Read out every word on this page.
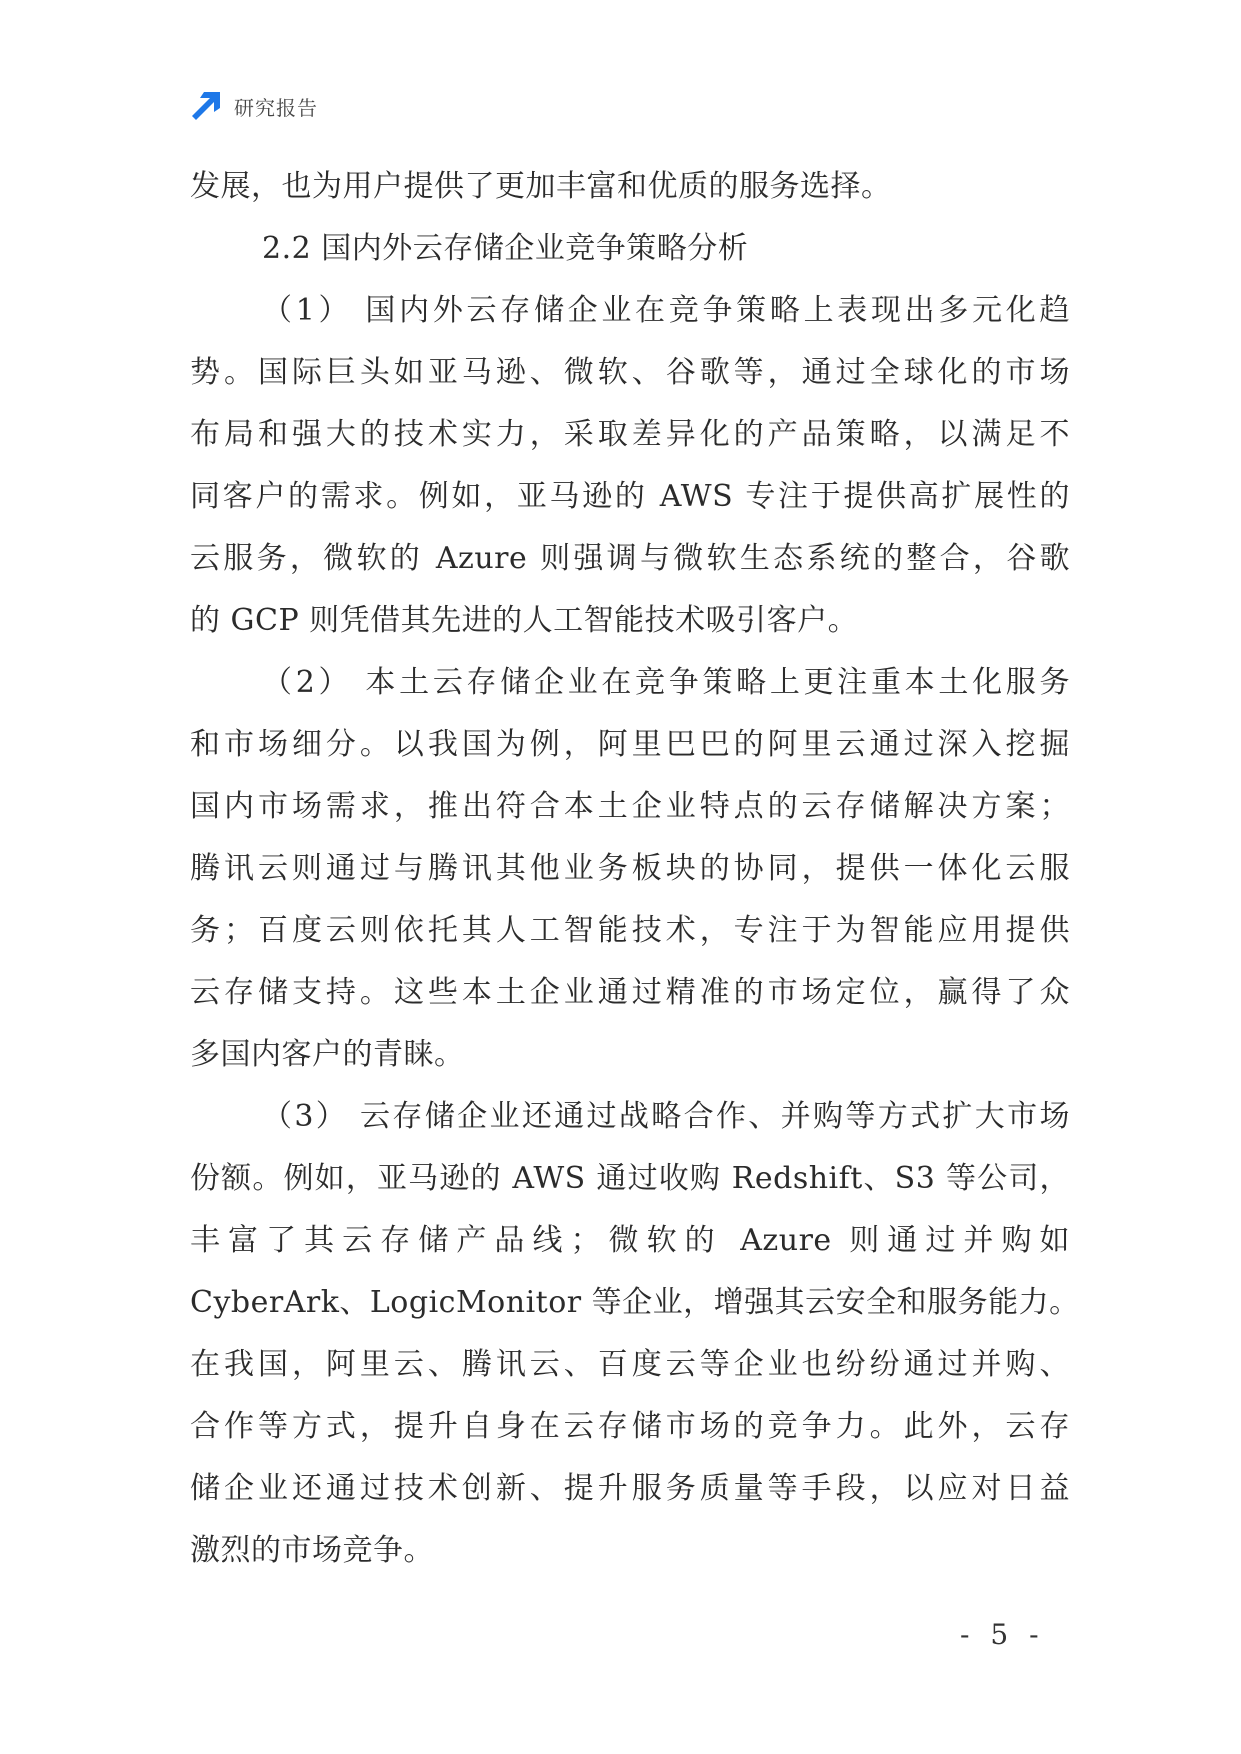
研究报告
发展，也为用户提供了更加丰富和优质的服务选择。
2.2 国内外云存储企业竞争策略分析
（1） 国内外云存储企业在竞争策略上表现出多元化趋
势。国际巨头如亚马逊、微软、谷歌等，通过全球化的市场
布局和强大的技术实力，采取差异化的产品策略，以满足不
同客户的需求。例如，亚马逊的 AWS 专注于提供高扩展性的
云服务，微软的 Azure 则强调与微软生态系统的整合，谷歌
的 GCP 则凭借其先进的人工智能技术吸引客户。
（2） 本土云存储企业在竞争策略上更注重本土化服务
和市场细分。以我国为例，阿里巴巴的阿里云通过深入挖掘
国内市场需求，推出符合本土企业特点的云存储解决方案；
腾讯云则通过与腾讯其他业务板块的协同，提供一体化云服
务；百度云则依托其人工智能技术，专注于为智能应用提供
云存储支持。这些本土企业通过精准的市场定位，赢得了众
多国内客户的青睐。
（3） 云存储企业还通过战略合作、并购等方式扩大市场
份额。例如，亚马逊的 AWS 通过收购 Redshift、S3 等公司，
丰富了其云存储产品线；微软的 Azure 则通过并购如
CyberArk、LogicMonitor 等企业，增强其云安全和服务能力。
在我国，阿里云、腾讯云、百度云等企业也纷纷通过并购、
合作等方式，提升自身在云存储市场的竞争力。此外，云存
储企业还通过技术创新、提升服务质量等手段，以应对日益
激烈的市场竞争。
- 5 -
